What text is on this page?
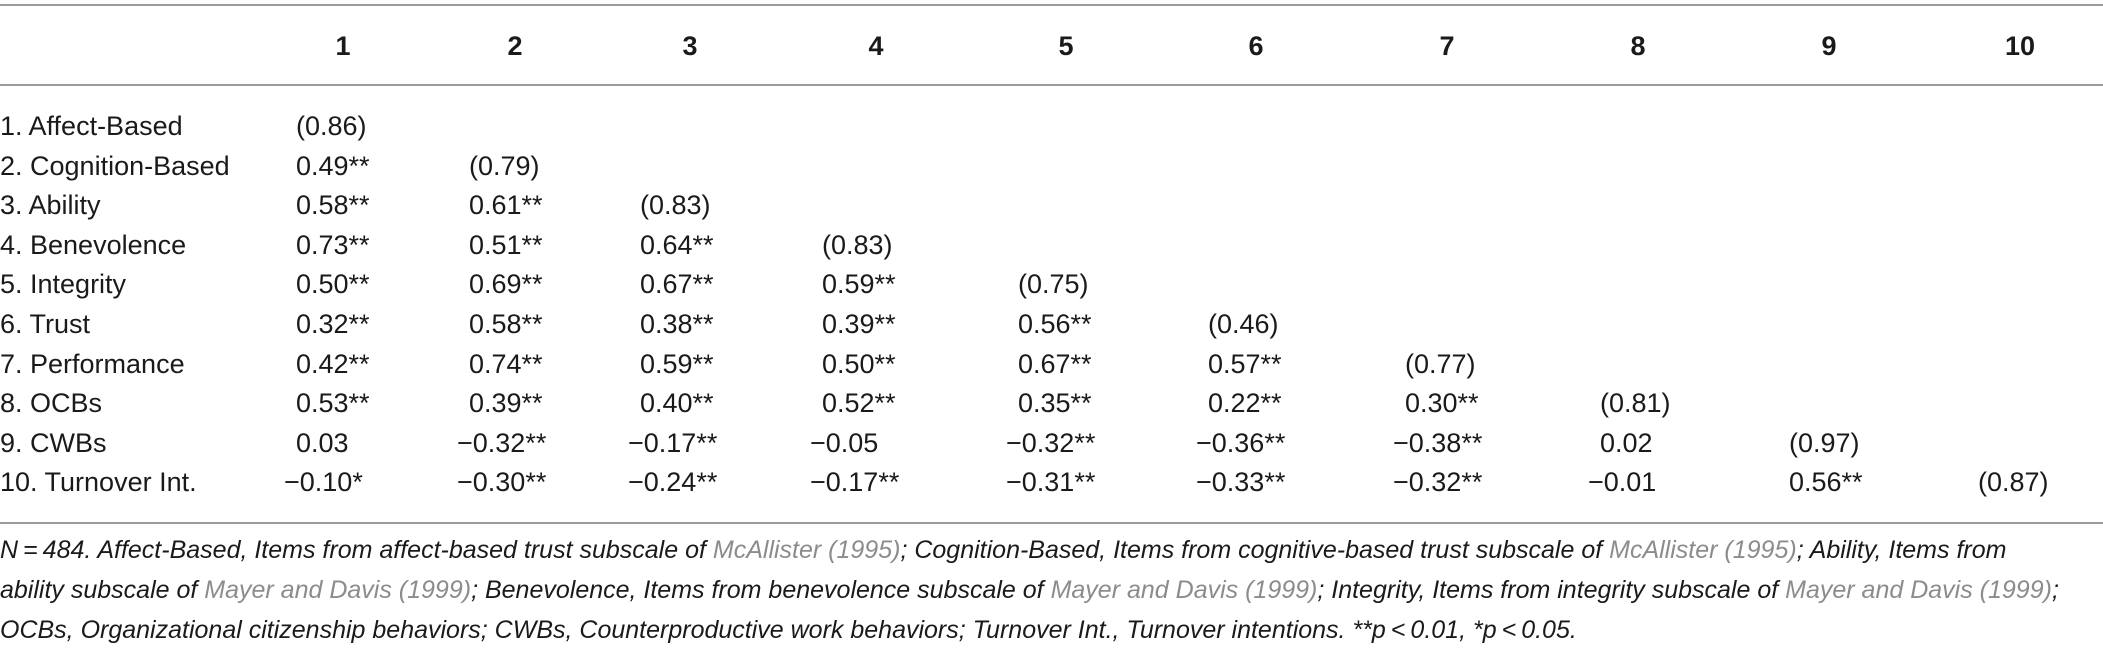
1	2	3	4	5	6	7	8	9	10
1. Affect-Based	(0.86)
2. Cognition-Based 0.49**	(0.79)
3. Ability	0.58**	0.61**	(0.83)
4. Benevolence	0.73**	0.51**	0.64**	(0.83)
5. Integrity	0.50**	0.69**	0.67**	0.59**	(0.75)
6. Trust	0.32**	0.58**	0.38**	0.39**	0.56**	(0.46)
7. Performance	0.42**	0.74**	0.59**	0.50**	0.67**	0.57**	(0.77)
8. OCBs	0.53**	0.39**	0.40**	0.52**	0.35**	0.22**	0.30**	(0.81)
9. CWBs	0.03	−0.32**	−0.17**	−0.05	−0.32**	−0.36**	−0.38**	0.02	(0.97)
10. Turnover Int.	−0.10*	−0.30**	−0.24**	−0.17**	−0.31**	−0.33**	−0.32**	−0.01	0.56**	(0.87)
N = 484. Affect-Based, Items from affect-based trust subscale of McAllister (1995); Cognition-Based, Items from cognitive-based trust subscale of McAllister (1995); Ability, Items from ability subscale of Mayer and Davis (1999); Benevolence, Items from benevolence subscale of Mayer and Davis (1999); Integrity, Items from integrity subscale of Mayer and Davis (1999); OCBs, Organizational citizenship behaviors; CWBs, Counterproductive work behaviors; Turnover Int., Turnover intentions. **p < 0.01, *p < 0.05.
